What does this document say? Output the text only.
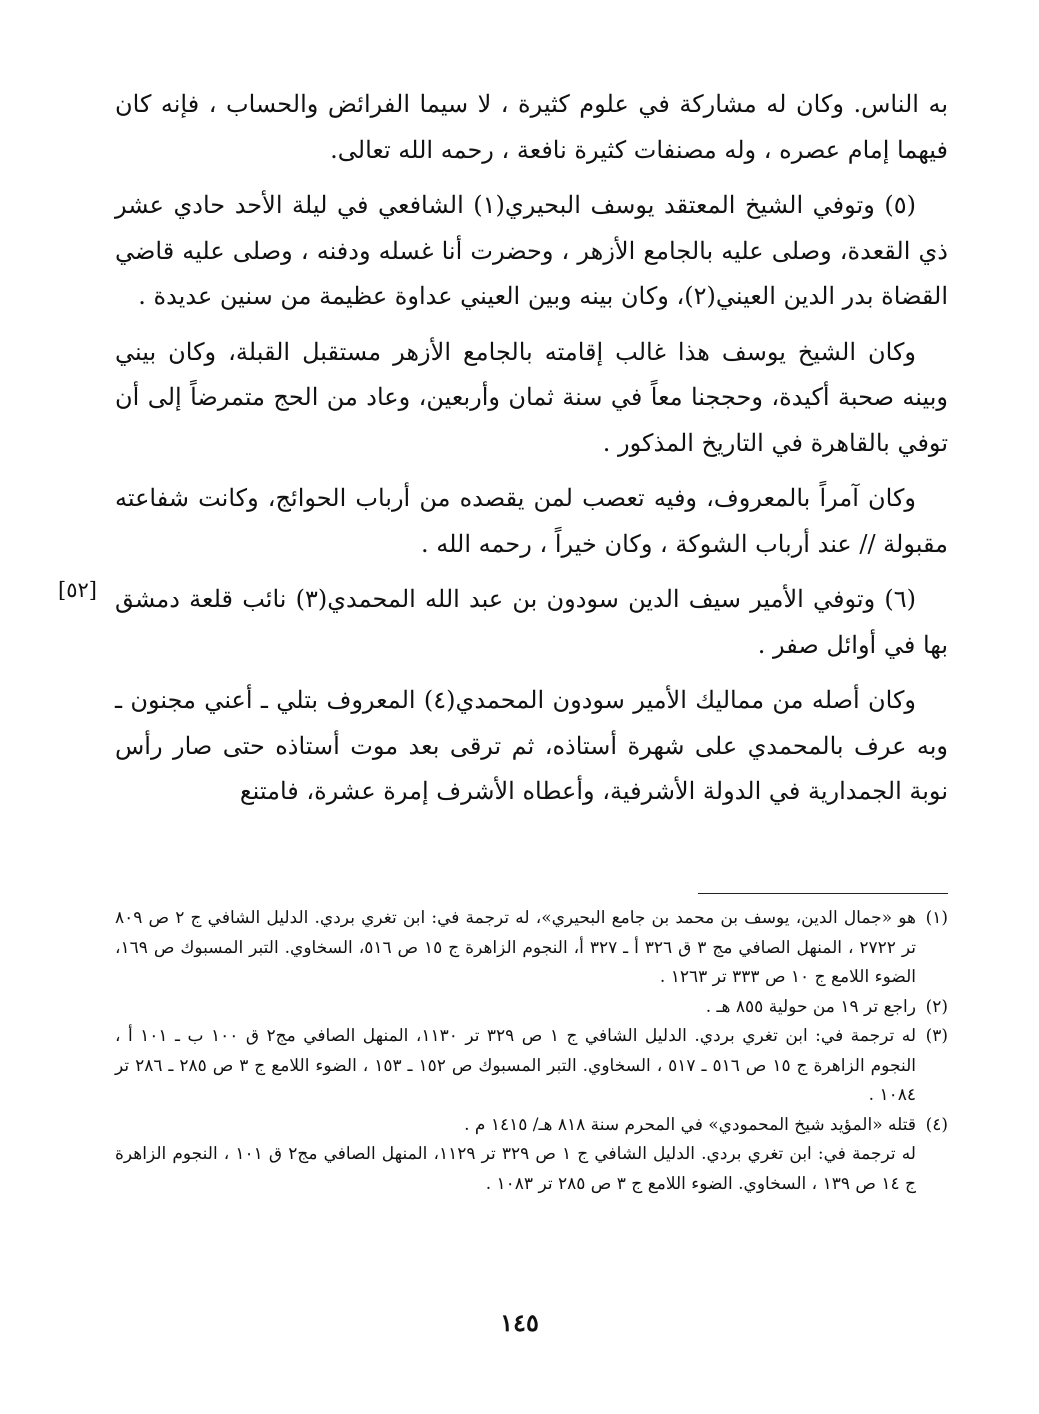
به الناس. وكان له مشاركة في علوم كثيرة ، لا سيما الفرائض والحساب ، فإنه كان فيهما إمام عصره ، وله مصنفات كثيرة نافعة ، رحمه الله تعالى.

(٥) وتوفي الشيخ المعتقد يوسف البحيري(١) الشافعي في ليلة الأحد حادي عشر ذي القعدة، وصلى عليه بالجامع الأزهر ، وحضرت أنا غسله ودفنه ، وصلى عليه قاضي القضاة بدر الدين العيني(٢)، وكان بينه وبين العيني عداوة عظيمة من سنين عديدة .

وكان الشيخ يوسف هذا غالب إقامته بالجامع الأزهر مستقبل القبلة، وكان بيني وبينه صحبة أكيدة، وحججنا معاً في سنة ثمان وأربعين، وعاد من الحج متمرضاً إلى أن توفي بالقاهرة في التاريخ المذكور .

وكان آمراً بالمعروف، وفيه تعصب لمن يقصده من أرباب الحوائج، وكانت شفاعته مقبولة // عند أرباب الشوكة ، وكان خيراً ، رحمه الله .

(٦) وتوفي الأمير سيف الدين سودون بن عبد الله المحمدي(٣) نائب قلعة دمشق بها في أوائل صفر .

وكان أصله من مماليك الأمير سودون المحمدي(٤) المعروف بتلي ـ أعني مجنون ـ وبه عرف بالمحمدي على شهرة أستاذه، ثم ترقى بعد موت أستاذه حتى صار رأس نوبة الجمدارية في الدولة الأشرفية، وأعطاه الأشرف إمرة عشرة، فامتنع

[٥٢]
(١)
هو «جمال الدين، يوسف بن محمد بن جامع البحيري»، له ترجمة في: ابن تغري بردي. الدليل الشافي ج ٢ ص ٨٠٩ تر ٢٧٢٢ ، المنهل الصافي مج ٣ ق ٣٢٦ أ ـ ٣٢٧ أ، النجوم الزاهرة ج ١٥ ص ٥١٦، السخاوي. التبر المسبوك ص ١٦٩، الضوء اللامع ج ١٠ ص ٣٣٣ تر ١٢٦٣ .
(٢)
راجع تر ١٩ من حولية ٨٥٥ هـ .
(٣)
له ترجمة في: ابن تغري بردي. الدليل الشافي ج ١ ص ٣٢٩ تر ١١٣٠، المنهل الصافي مج٢ ق ١٠٠ ب ـ ١٠١ أ ، النجوم الزاهرة ج ١٥ ص ٥١٦ ـ ٥١٧ ، السخاوي. التبر المسبوك ص ١٥٢ ـ ١٥٣ ، الضوء اللامع ج ٣ ص ٢٨٥ ـ ٢٨٦ تر ١٠٨٤ .
(٤)
قتله «المؤيد شيخ المحمودي» في المحرم سنة ٨١٨ هـ/ ١٤١٥ م .

له ترجمة في: ابن تغري بردي. الدليل الشافي ج ١ ص ٣٢٩ تر ١١٢٩، المنهل الصافي مج٢ ق ١٠١ ، النجوم الزاهرة ج ١٤ ص ١٣٩ ، السخاوي. الضوء اللامع ج ٣ ص ٢٨٥ تر ١٠٨٣ .

١٤٥
